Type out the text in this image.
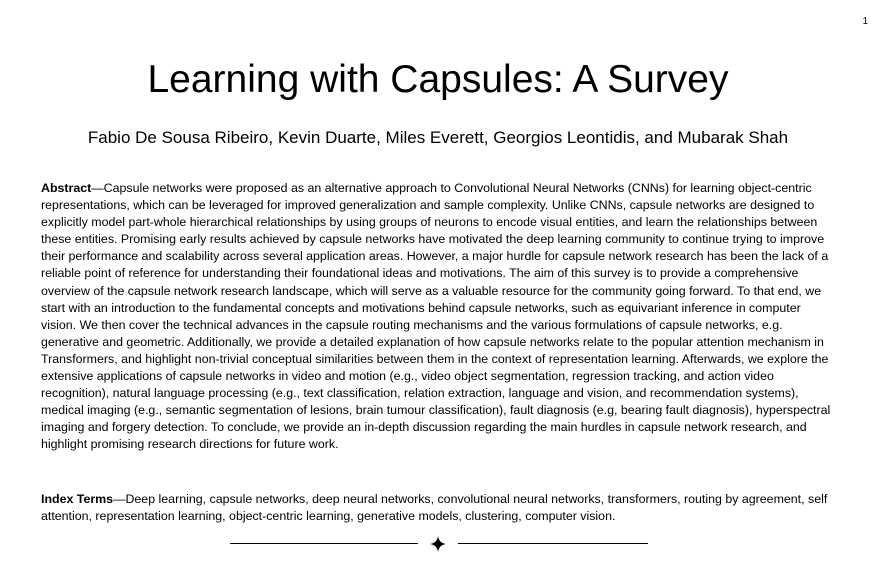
1
Learning with Capsules: A Survey
Fabio De Sousa Ribeiro, Kevin Duarte, Miles Everett, Georgios Leontidis, and Mubarak Shah

Abstract—Capsule networks were proposed as an alternative approach to Convolutional Neural Networks (CNNs) for learning object-centric representations, which can be leveraged for improved generalization and sample complexity. Unlike CNNs, capsule networks are designed to explicitly model part-whole hierarchical relationships by using groups of neurons to encode visual entities, and learn the relationships between these entities. Promising early results achieved by capsule networks have motivated the deep learning community to continue trying to improve their performance and scalability across several application areas. However, a major hurdle for capsule network research has been the lack of a reliable point of reference for understanding their foundational ideas and motivations. The aim of this survey is to provide a comprehensive overview of the capsule network research landscape, which will serve as a valuable resource for the community going forward. To that end, we start with an introduction to the fundamental concepts and motivations behind capsule networks, such as equivariant inference in computer vision. We then cover the technical advances in the capsule routing mechanisms and the various formulations of capsule networks, e.g. generative and geometric. Additionally, we provide a detailed explanation of how capsule networks relate to the popular attention mechanism in Transformers, and highlight non-trivial conceptual similarities between them in the context of representation learning. Afterwards, we explore the extensive applications of capsule networks in video and motion (e.g., video object segmentation, regression tracking, and action video recognition), natural language processing (e.g., text classification, relation extraction, language and vision, and recommendation systems), medical imaging (e.g., semantic segmentation of lesions, brain tumour classification), fault diagnosis (e.g, bearing fault diagnosis), hyperspectral imaging and forgery detection. To conclude, we provide an in-depth discussion regarding the main hurdles in capsule network research, and highlight promising research directions for future work.

Index Terms—Deep learning, capsule networks, deep neural networks, convolutional neural networks, transformers, routing by agreement, self attention, representation learning, object-centric learning, generative models, clustering, computer vision.
